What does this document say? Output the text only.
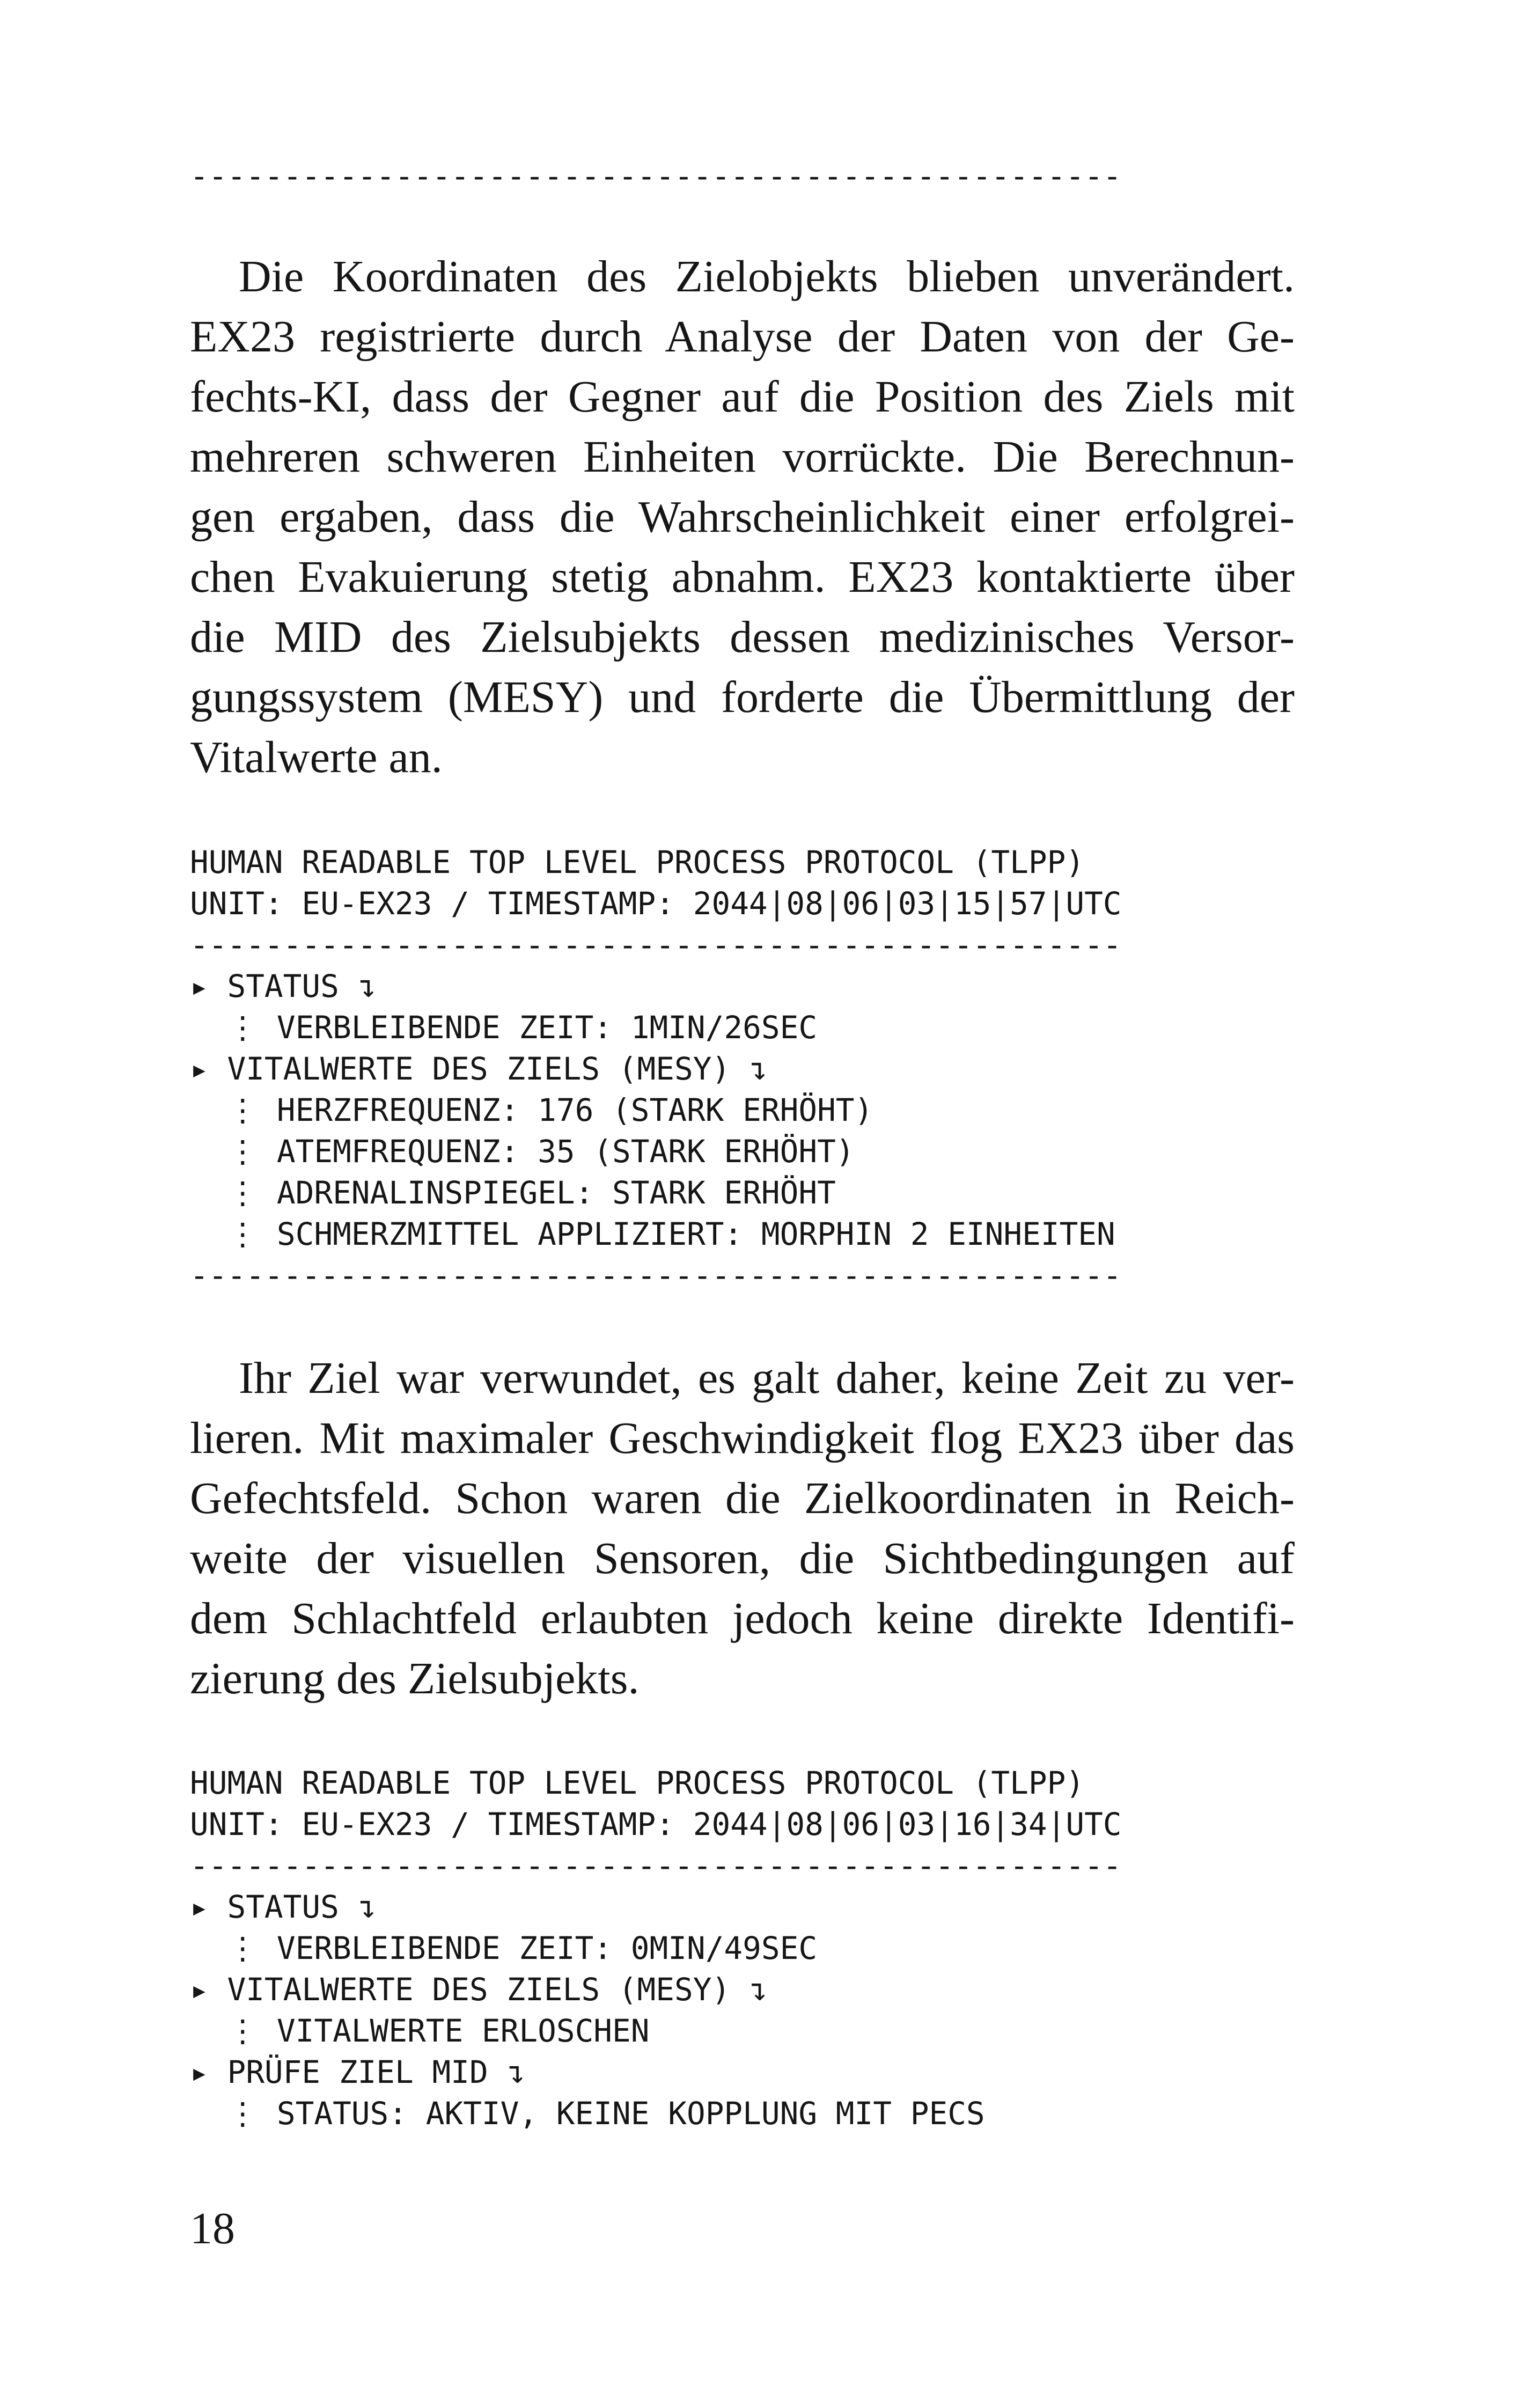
--------------------------------------------------
Die Koordinaten des Zielobjekts blieben unverändert.
EX23 registrierte durch Analyse der Daten von der Ge-
fechts-KI, dass der Gegner auf die Position des Ziels mit
mehreren schweren Einheiten vorrückte. Die Berechnun-
gen ergaben, dass die Wahrscheinlichkeit einer erfolgrei-
chen Evakuierung stetig abnahm. EX23 kontaktierte über
die MID des Zielsubjekts dessen medizinisches Versor-
gungssystem (MESY) und forderte die Übermittlung der
Vitalwerte an.
HUMAN READABLE TOP LEVEL PROCESS PROTOCOL (TLPP)
UNIT: EU-EX23 / TIMESTAMP: 2044|08|06|03|15|57|UTC
--------------------------------------------------
▸ STATUS ↴
⋮ VERBLEIBENDE ZEIT: 1MIN/26SEC
▸ VITALWERTE DES ZIELS (MESY) ↴
⋮ HERZFREQUENZ: 176 (STARK ERHÖHT)
⋮ ATEMFREQUENZ: 35 (STARK ERHÖHT)
⋮ ADRENALINSPIEGEL: STARK ERHÖHT
⋮ SCHMERZMITTEL APPLIZIERT: MORPHIN 2 EINHEITEN
--------------------------------------------------
Ihr Ziel war verwundet, es galt daher, keine Zeit zu ver-
lieren. Mit maximaler Geschwindigkeit flog EX23 über das
Gefechtsfeld. Schon waren die Zielkoordinaten in Reich-
weite der visuellen Sensoren, die Sichtbedingungen auf
dem Schlachtfeld erlaubten jedoch keine direkte Identifi-
zierung des Zielsubjekts.
HUMAN READABLE TOP LEVEL PROCESS PROTOCOL (TLPP)
UNIT: EU-EX23 / TIMESTAMP: 2044|08|06|03|16|34|UTC
--------------------------------------------------
▸ STATUS ↴
⋮ VERBLEIBENDE ZEIT: 0MIN/49SEC
▸ VITALWERTE DES ZIELS (MESY) ↴
⋮ VITALWERTE ERLOSCHEN
▸ PRÜFE ZIEL MID ↴
⋮ STATUS: AKTIV, KEINE KOPPLUNG MIT PECS
18
